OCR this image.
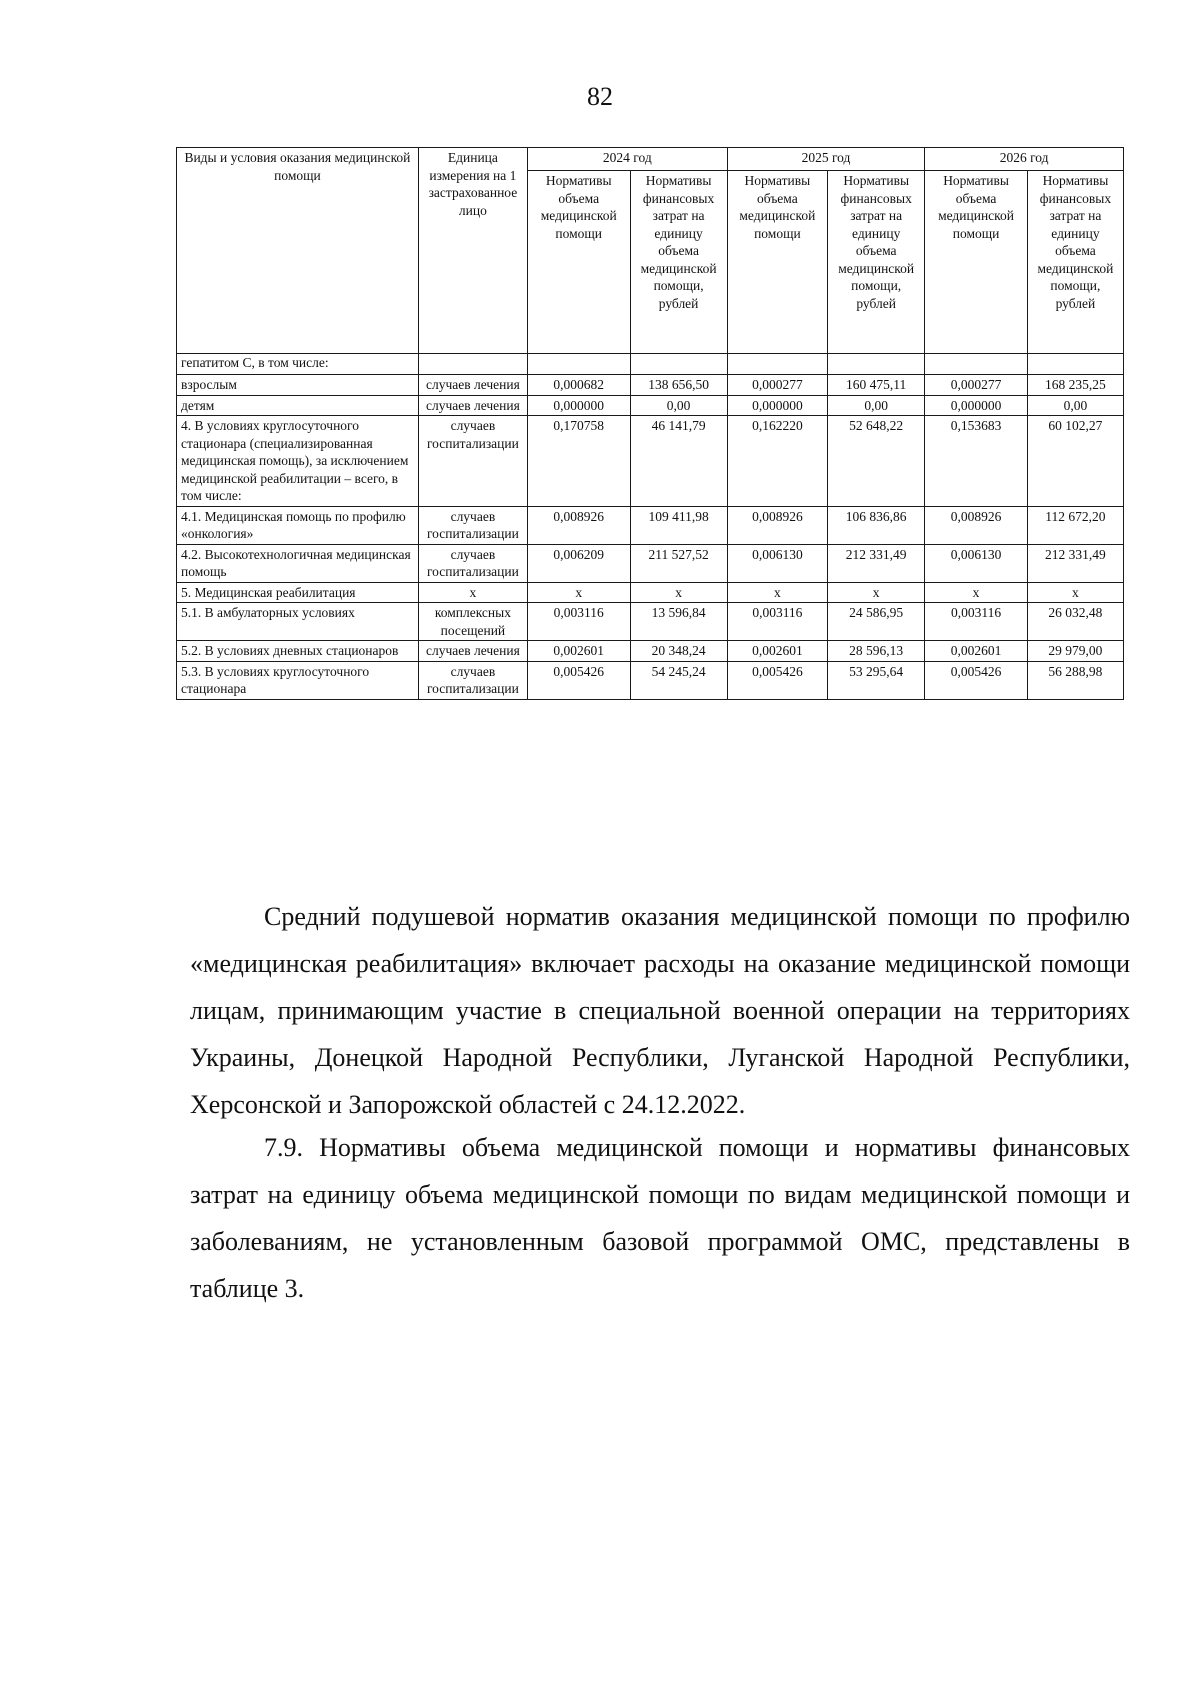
82
Виды и условия оказания медицинской помощи	Единица измерения на 1 застрахованное лицо	2024 год		2025 год		2026 год	
		Нормативы объема медицинской помощи	Нормативы финансовых затрат на единицу объема медицинской помощи, рублей	Нормативы объема медицинской помощи	Нормативы финансовых затрат на единицу объема медицинской помощи, рублей	Нормативы объема медицинской помощи	Нормативы финансовых затрат на единицу объема медицинской помощи, рублей
гепатитом С, в том числе:							
взрослым	случаев лечения	0,000682	138 656,50	0,000277	160 475,11	0,000277	168 235,25
детям	случаев лечения	0,000000	0,00	0,000000	0,00	0,000000	0,00
4. В условиях круглосуточного стационара (специализированная медицинская помощь), за исключением медицинской реабилитации – всего, в том числе:	случаев госпитализации	0,170758	46 141,79	0,162220	52 648,22	0,153683	60 102,27
4.1. Медицинская помощь по профилю «онкология»	случаев госпитализации	0,008926	109 411,98	0,008926	106 836,86	0,008926	112 672,20
4.2. Высокотехнологичная медицинская помощь	случаев госпитализации	0,006209	211 527,52	0,006130	212 331,49	0,006130	212 331,49
5. Медицинская реабилитация	х	х	х	х	х	х	х
5.1. В амбулаторных условиях	комплексных посещений	0,003116	13 596,84	0,003116	24 586,95	0,003116	26 032,48
5.2. В условиях дневных стационаров	случаев лечения	0,002601	20 348,24	0,002601	28 596,13	0,002601	29 979,00
5.3. В условиях круглосуточного стационара	случаев госпитализации	0,005426	54 245,24	0,005426	53 295,64	0,005426	56 288,98
Средний подушевой норматив оказания медицинской помощи по профилю «медицинская реабилитация» включает расходы на оказание медицинской помощи лицам, принимающим участие в специальной военной операции на территориях Украины, Донецкой Народной Республики, Луганской Народной Республики, Херсонской и Запорожской областей с 24.12.2022.
7.9. Нормативы объема медицинской помощи и нормативы финансовых затрат на единицу объема медицинской помощи по видам медицинской помощи и заболеваниям, не установленным базовой программой ОМС, представлены в таблице 3.
